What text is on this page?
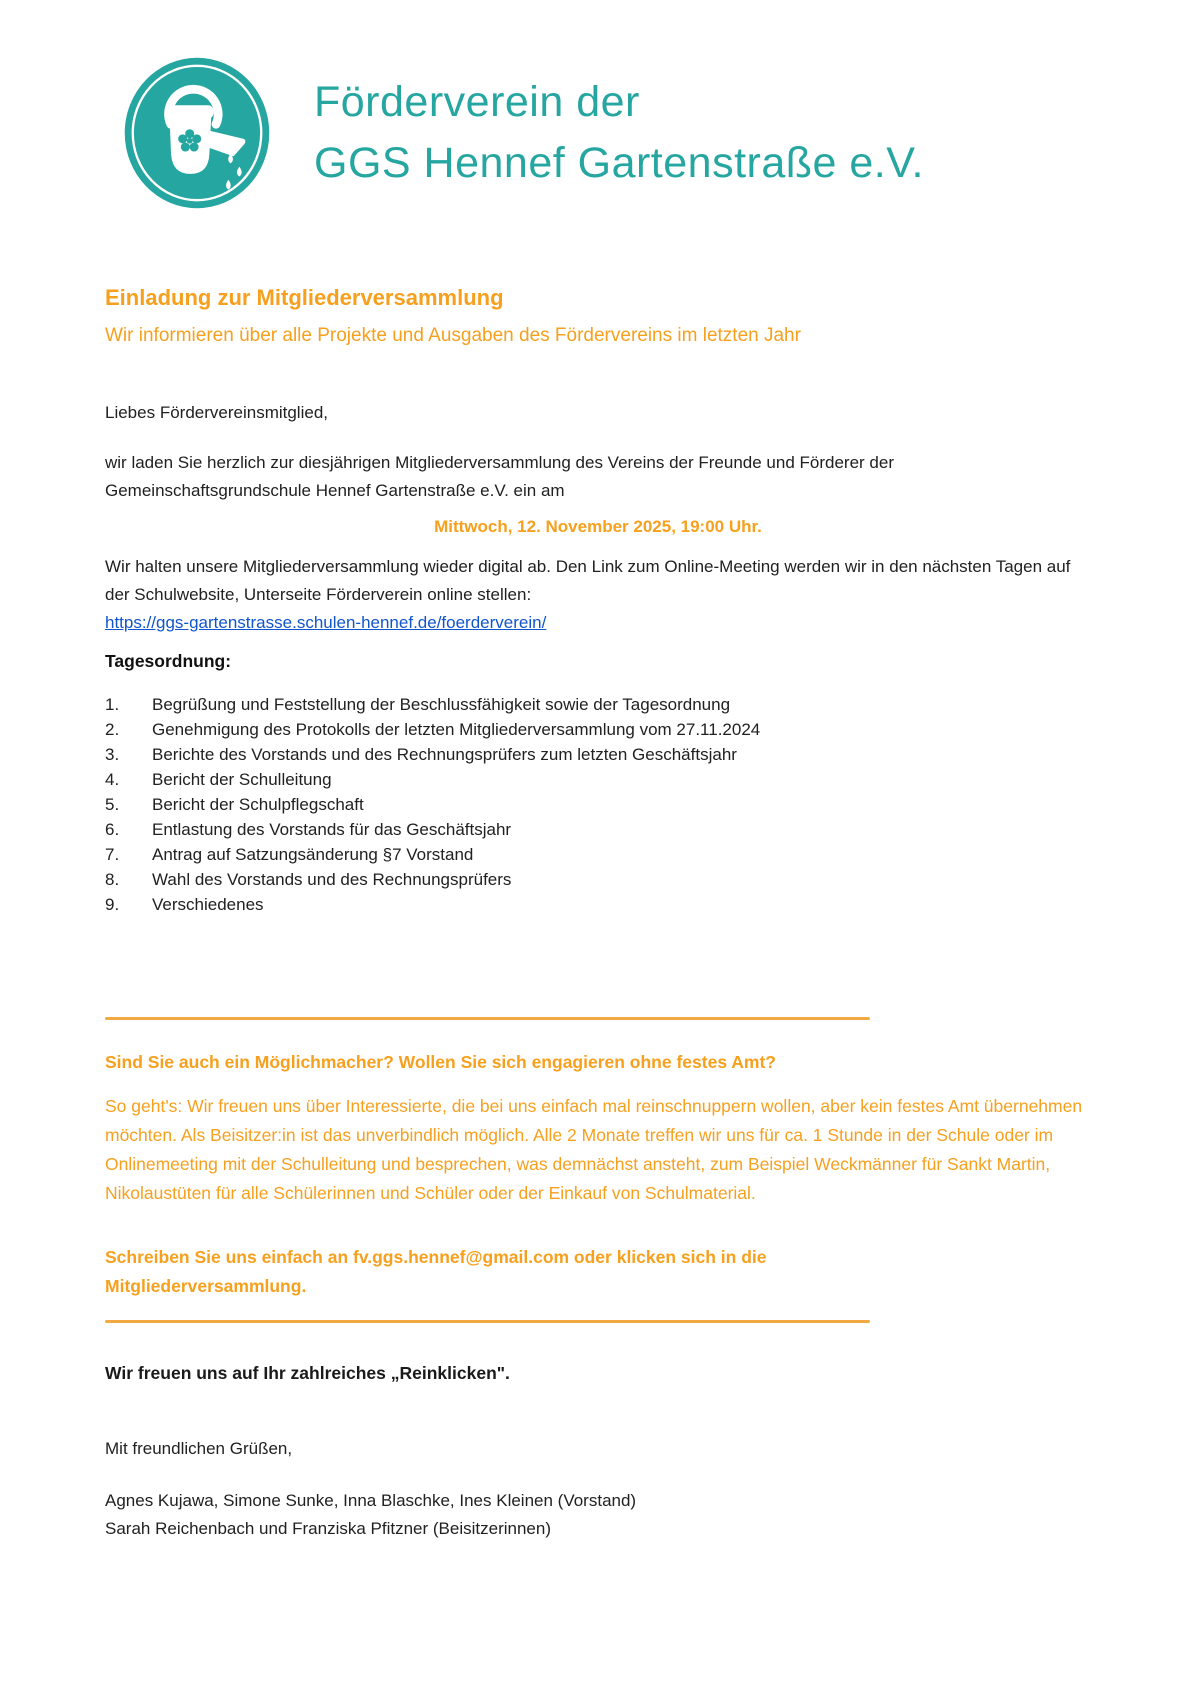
Förderverein der
GGS Hennef Gartenstraße e.V.
Einladung zur Mitgliederversammlung
Wir informieren über alle Projekte und Ausgaben des Fördervereins im letzten Jahr
Liebes Fördervereinsmitglied,
wir laden Sie herzlich zur diesjährigen Mitgliederversammlung des Vereins der Freunde und Förderer der Gemeinschaftsgrundschule Hennef Gartenstraße e.V. ein am
Mittwoch, 12. November 2025, 19:00 Uhr.
Wir halten unsere Mitgliederversammlung wieder digital ab. Den Link zum Online-Meeting werden wir in den nächsten Tagen auf der Schulwebsite, Unterseite Förderverein online stellen:
https://ggs-gartenstrasse.schulen-hennef.de/foerderverein/
Tagesordnung:
1.	Begrüßung und Feststellung der Beschlussfähigkeit sowie der Tagesordnung
2.	Genehmigung des Protokolls der letzten Mitgliederversammlung vom 27.11.2024
3.	Berichte des Vorstands und des Rechnungsprüfers zum letzten Geschäftsjahr
4.	Bericht der Schulleitung
5.	Bericht der Schulpflegschaft
6.	Entlastung des Vorstands für das Geschäftsjahr
7.	Antrag auf Satzungsänderung §7 Vorstand
8.	Wahl des Vorstands und des Rechnungsprüfers
9.	Verschiedenes
Sind Sie auch ein Möglichmacher? Wollen Sie sich engagieren ohne festes Amt?
So geht's: Wir freuen uns über Interessierte, die bei uns einfach mal reinschnuppern wollen, aber kein festes Amt übernehmen möchten. Als Beisitzer:in ist das unverbindlich möglich. Alle 2 Monate treffen wir uns für ca. 1 Stunde in der Schule oder im Onlinemeeting mit der Schulleitung und besprechen, was demnächst ansteht, zum Beispiel Weckmänner für Sankt Martin, Nikolaustüten für alle Schülerinnen und Schüler oder der Einkauf von Schulmaterial.
Schreiben Sie uns einfach an fv.ggs.hennef@gmail.com oder klicken sich in die Mitgliederversammlung.
Wir freuen uns auf Ihr zahlreiches „Reinklicken".
Mit freundlichen Grüßen,
Agnes Kujawa, Simone Sunke, Inna Blaschke, Ines Kleinen (Vorstand)
Sarah Reichenbach und Franziska Pfitzner (Beisitzerinnen)
